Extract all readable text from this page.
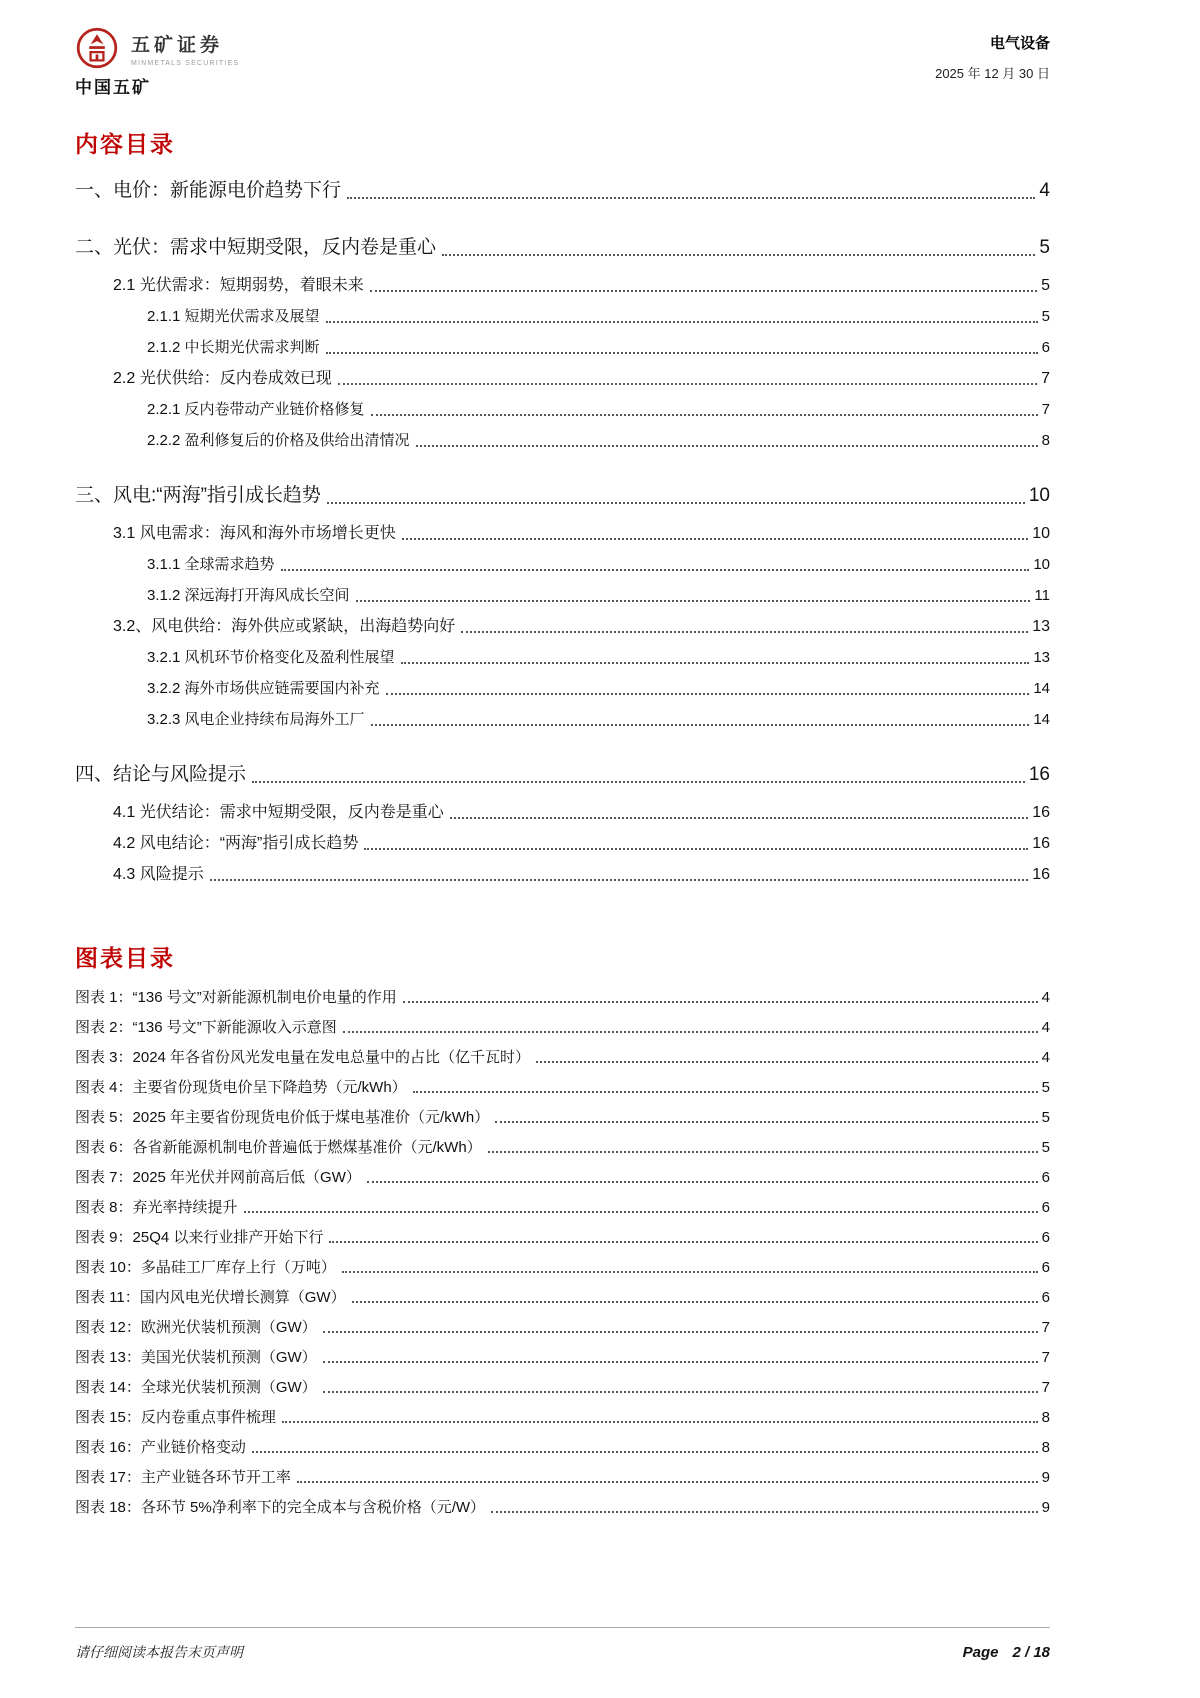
五矿证券
MINMETALS SECURITIES
中国五矿
电气设备
2025 年 12 月 30 日
内容目录
一、电价：新能源电价趋势下行	4
二、光伏：需求中短期受限，反内卷是重心	5
2.1 光伏需求：短期弱势，着眼未来	5
2.1.1 短期光伏需求及展望	5
2.1.2 中长期光伏需求判断	6
2.2 光伏供给：反内卷成效已现	7
2.2.1 反内卷带动产业链价格修复	7
2.2.2 盈利修复后的价格及供给出清情况	8
三、风电:“两海”指引成长趋势	10
3.1 风电需求：海风和海外市场增长更快	10
3.1.1 全球需求趋势	10
3.1.2 深远海打开海风成长空间	11
3.2、风电供给：海外供应或紧缺，出海趋势向好	13
3.2.1 风机环节价格变化及盈利性展望	13
3.2.2 海外市场供应链需要国内补充	14
3.2.3 风电企业持续布局海外工厂	14
四、结论与风险提示	16
4.1 光伏结论：需求中短期受限，反内卷是重心	16
4.2 风电结论：“两海”指引成长趋势	16
4.3 风险提示	16
图表目录
图表 1：“136 号文”对新能源机制电价电量的作用	4
图表 2：“136 号文”下新能源收入示意图	4
图表 3：2024 年各省份风光发电量在发电总量中的占比（亿千瓦时）	4
图表 4：主要省份现货电价呈下降趋势（元/kWh）	5
图表 5：2025 年主要省份现货电价低于煤电基准价（元/kWh）	5
图表 6：各省新能源机制电价普遍低于燃煤基准价（元/kWh）	5
图表 7：2025 年光伏并网前高后低（GW）	6
图表 8：弃光率持续提升	6
图表 9：25Q4 以来行业排产开始下行	6
图表 10：多晶硅工厂库存上行（万吨）	6
图表 11：国内风电光伏增长测算（GW）	6
图表 12：欧洲光伏装机预测（GW）	7
图表 13：美国光伏装机预测（GW）	7
图表 14：全球光伏装机预测（GW）	7
图表 15：反内卷重点事件梳理	8
图表 16：产业链价格变动	8
图表 17：主产业链各环节开工率	9
图表 18：各环节 5%净利率下的完全成本与含税价格（元/W）	9
请仔细阅读本报告末页声明	Page 2 / 18
